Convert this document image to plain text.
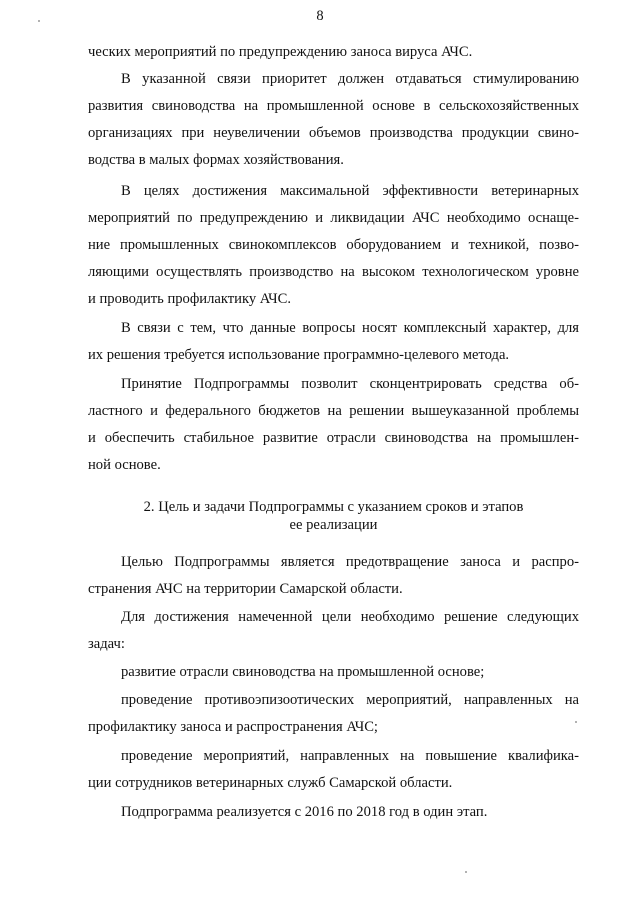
8
ческих мероприятий по предупреждению заноса вируса АЧС.
В указанной связи приоритет должен отдаваться стимулированию
развития свиноводства на промышленной основе в сельскохозяйственных
организациях при неувеличении объемов производства продукции свино-
водства в малых формах хозяйствования.
В целях достижения максимальной эффективности ветеринарных
мероприятий по предупреждению и ликвидации АЧС необходимо оснаще-
ние промышленных свинокомплексов оборудованием и техникой, позво-
ляющими осуществлять производство на высоком технологическом уровне
и проводить профилактику АЧС.
В связи с тем, что данные вопросы носят комплексный характер, для
их решения требуется использование программно-целевого метода.
Принятие Подпрограммы позволит сконцентрировать средства об-
ластного и федерального бюджетов на решении вышеуказанной проблемы
и обеспечить стабильное развитие отрасли свиноводства на промышлен-
ной основе.
2. Цель и задачи Подпрограммы с указанием сроков и этапов
ее реализации
Целью Подпрограммы является предотвращение заноса и распро-
странения АЧС на территории Самарской области.
Для достижения намеченной цели необходимо решение следующих
задач:
развитие отрасли свиноводства на промышленной основе;
проведение противоэпизоотических мероприятий, направленных на
профилактику заноса и распространения АЧС;
проведение мероприятий, направленных на повышение квалифика-
ции сотрудников ветеринарных служб Самарской области.
Подпрограмма реализуется с 2016 по 2018 год в один этап.
